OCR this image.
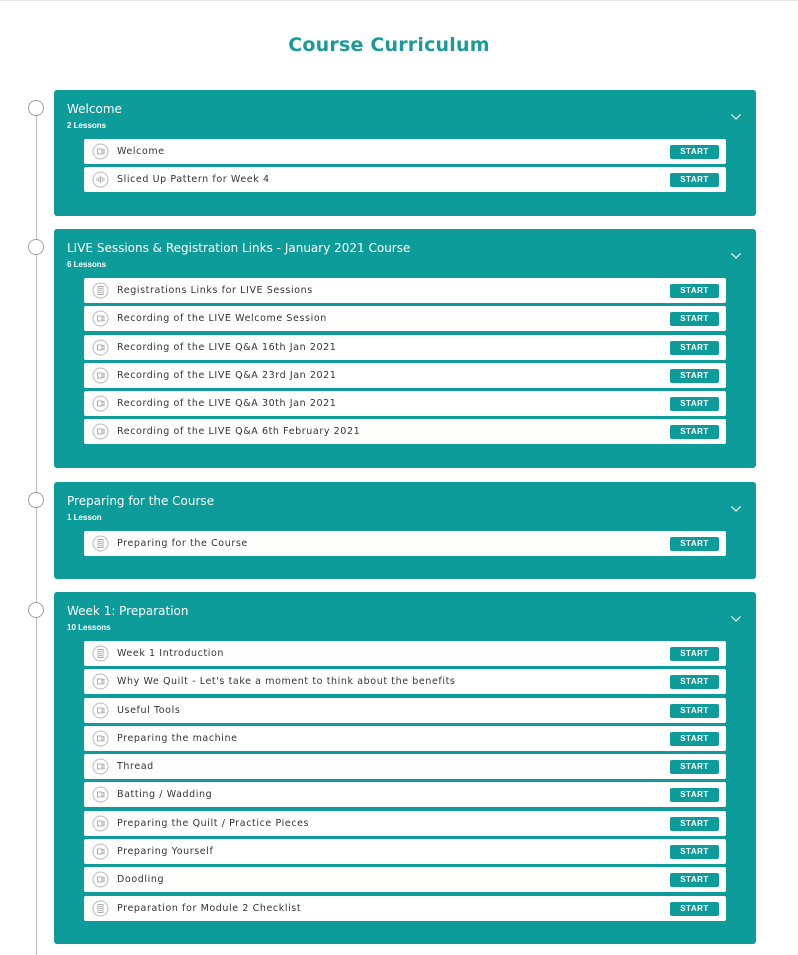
Course Curriculum
Welcome
2 Lessons
Welcome	START
Sliced Up Pattern for Week 4	START
LIVE Sessions & Registration Links - January 2021 Course
6 Lessons
Registrations Links for LIVE Sessions	START
Recording of the LIVE Welcome Session	START
Recording of the LIVE Q&A 16th Jan 2021	START
Recording of the LIVE Q&A 23rd Jan 2021	START
Recording of the LIVE Q&A 30th Jan 2021	START
Recording of the LIVE Q&A 6th February 2021	START
Preparing for the Course
1 Lesson
Preparing for the Course	START
Week 1: Preparation
10 Lessons
Week 1 Introduction	START
Why We Quilt - Let's take a moment to think about the benefits	START
Useful Tools	START
Preparing the machine	START
Thread	START
Batting / Wadding	START
Preparing the Quilt / Practice Pieces	START
Preparing Yourself	START
Doodling	START
Preparation for Module 2 Checklist	START
